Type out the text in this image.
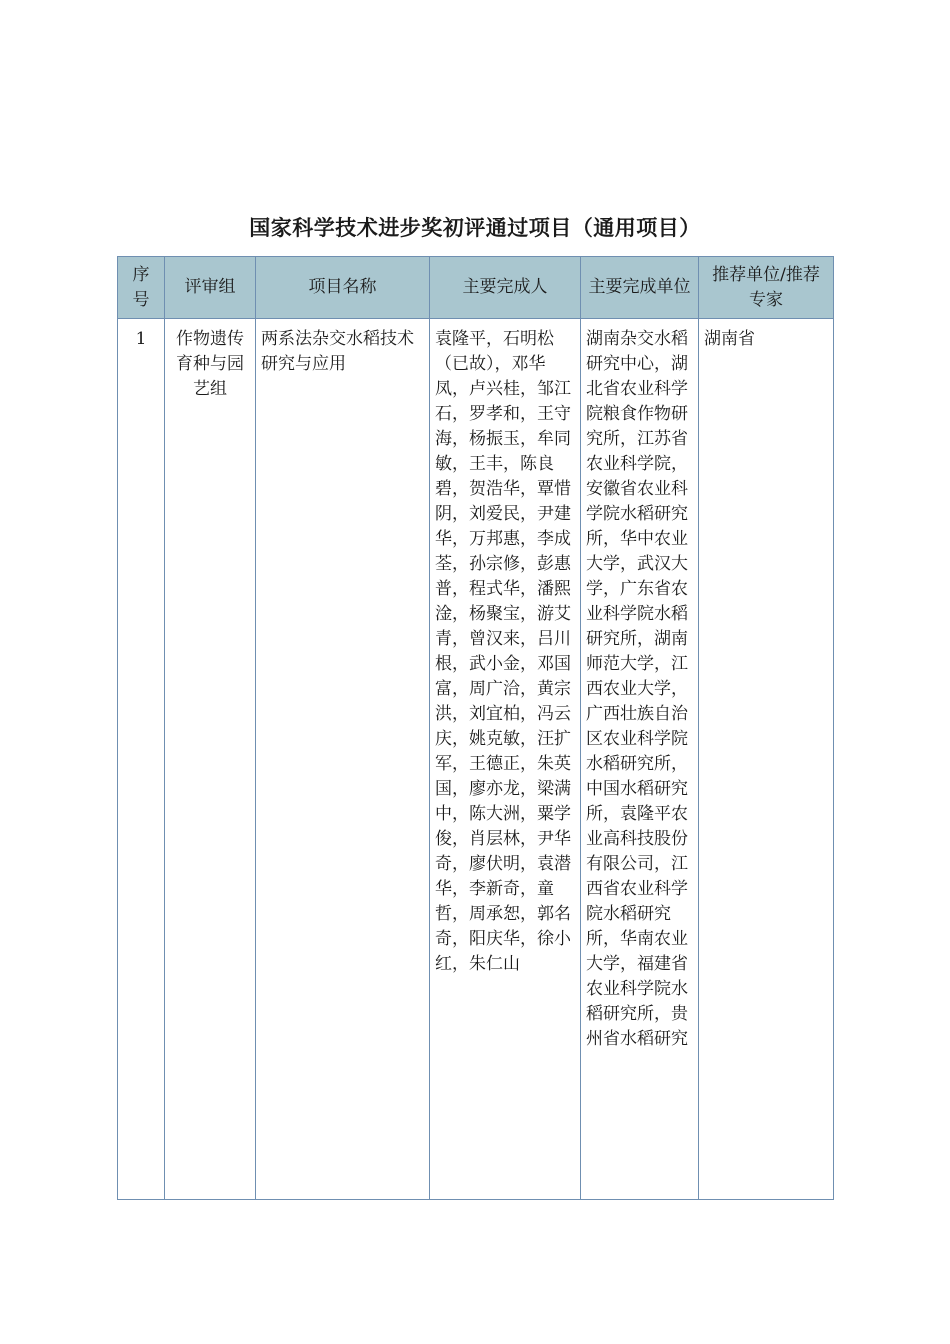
国家科学技术进步奖初评通过项目（通用项目）
序号	评审组	项目名称	主要完成人	主要完成单位	推荐单位/推荐专家
1	作物遗传育种与园艺组	两系法杂交水稻技术研究与应用	袁隆平，石明松（已故），邓华凤，卢兴桂，邹江石，罗孝和，王守海，杨振玉，牟同敏，王丰，陈良碧，贺浩华，覃惜阴，刘爱民，尹建华，万邦惠，李成荃，孙宗修，彭惠普，程式华，潘熙淦，杨聚宝，游艾青，曾汉来，吕川根，武小金，邓国富，周广洽，黄宗洪，刘宜柏，冯云庆，姚克敏，汪扩军，王德正，朱英国，廖亦龙，梁满中，陈大洲，粟学俊，肖层林，尹华奇，廖伏明，袁潜华，李新奇，童哲，周承恕，郭名奇，阳庆华，徐小红，朱仁山	湖南杂交水稻研究中心，湖北省农业科学院粮食作物研究所，江苏省农业科学院，安徽省农业科学院水稻研究所，华中农业大学，武汉大学，广东省农业科学院水稻研究所，湖南师范大学，江西农业大学，广西壮族自治区农业科学院水稻研究所，中国水稻研究所，袁隆平农业高科技股份有限公司，江西省农业科学院水稻研究所，华南农业大学，福建省农业科学院水稻研究所，贵州省水稻研究	湖南省
